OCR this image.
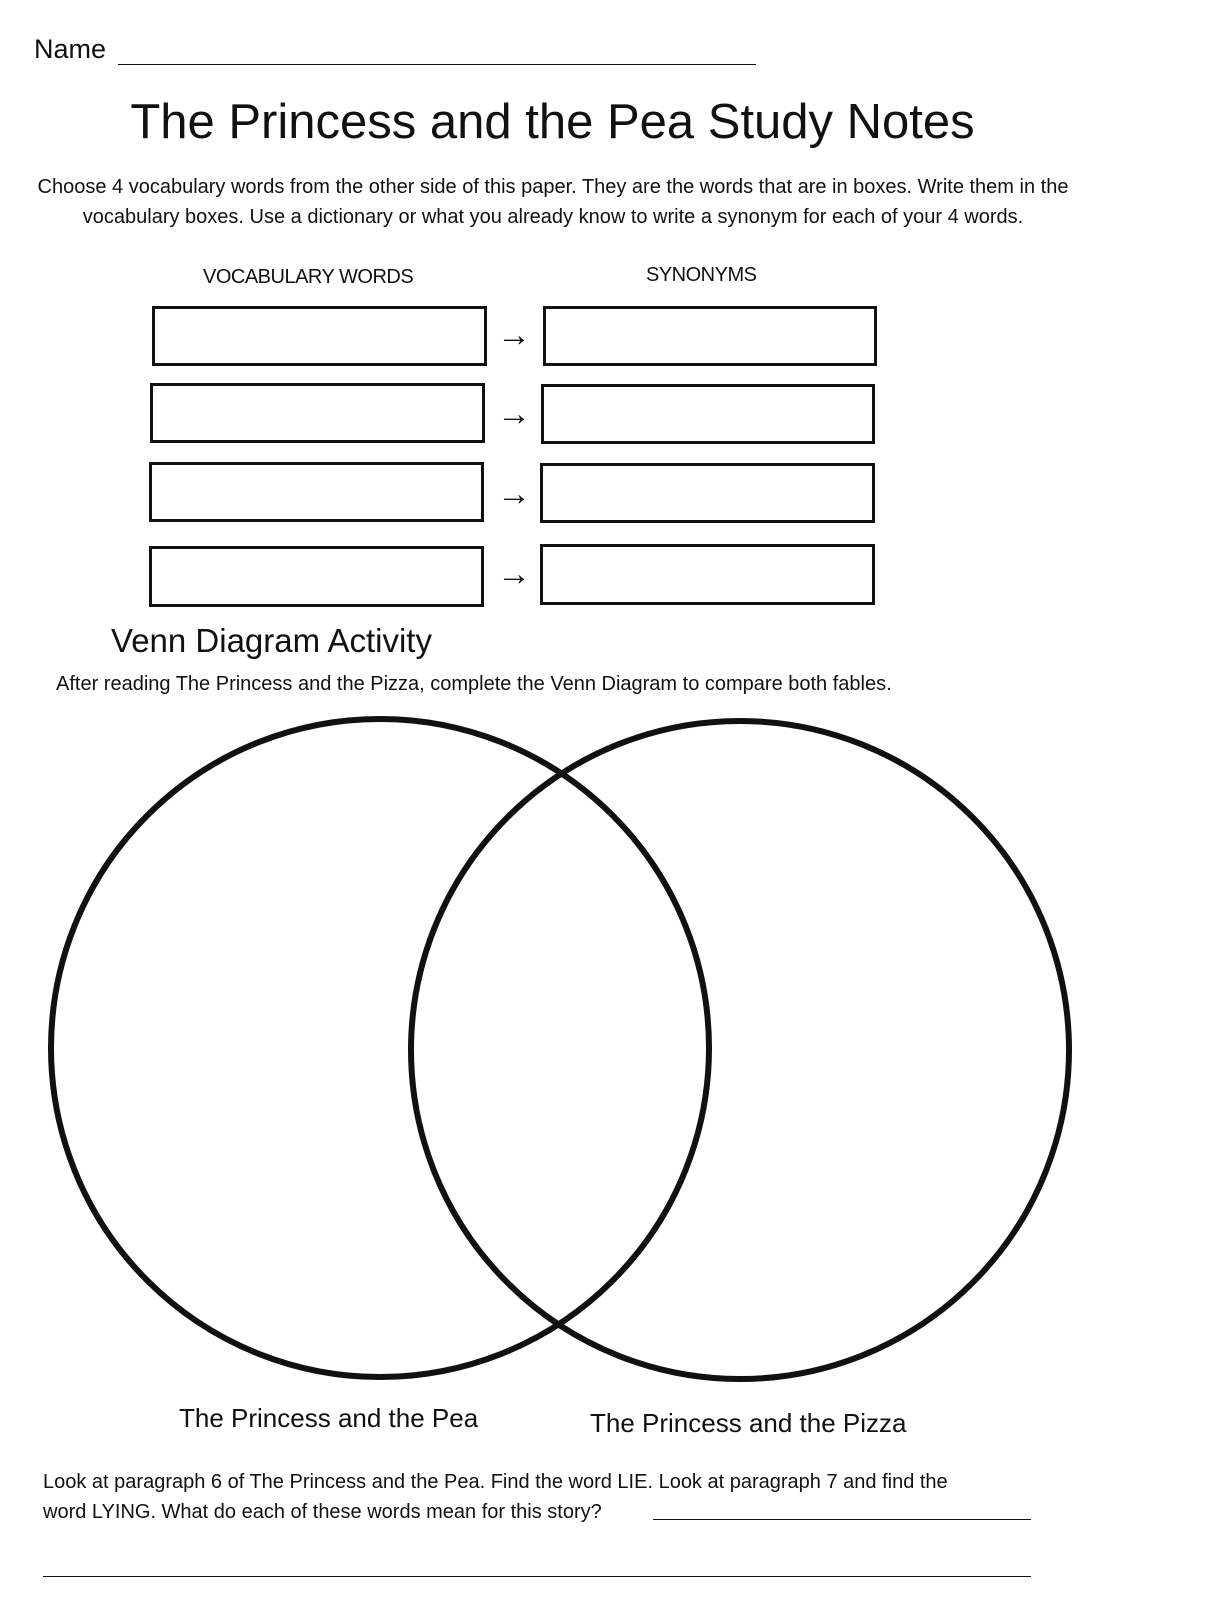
Name
The Princess and the Pea Study Notes
Choose 4 vocabulary words from the other side of this paper. They are the words that are in boxes. Write them in the vocabulary boxes. Use a dictionary or what you already know to write a synonym for each of your 4 words.
VOCABULARY WORDS	SYNONYMS
→
→
→
→
Venn Diagram Activity
After reading The Princess and the Pizza, complete the Venn Diagram to compare both fables.
The Princess and the Pea	The Princess and the Pizza
Look at paragraph 6 of The Princess and the Pea. Find the word LIE. Look at paragraph 7 and find the
word LYING. What do each of these words mean for this story?
